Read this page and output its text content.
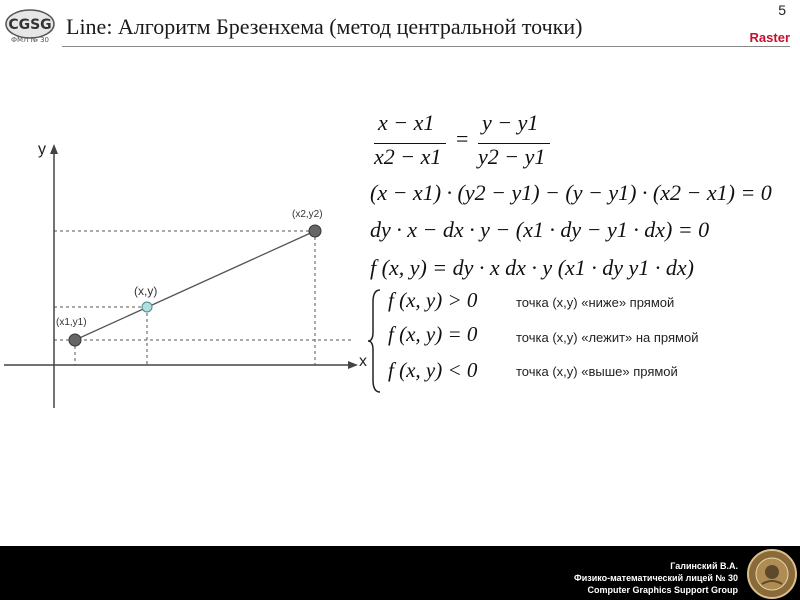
CGSG
ФМЛ № 30
Line: Алгоритм Брезенхема (метод центральной точки)
5
Raster
y
x
(x1,y1)
(x,y)
(x2,y2)
x − x1
x2 − x1
=
y − y1
y2 − y1
(x − x1) · (y2 − y1) − (y − y1) · (x2 − x1) = 0
dy · x − dx · y − (x1 · dy − y1 · dx) = 0
f (x, y) = dy · x dx · y (x1 · dy y1 · dx)
f (x, y) > 0
f (x, y) = 0
f (x, y) < 0
точка (x,y) «ниже» прямой
точка (x,y) «лежит» на прямой
точка (x,y) «выше» прямой
Галинский В.А.
Физико-математический лицей № 30
Computer Graphics Support Group
